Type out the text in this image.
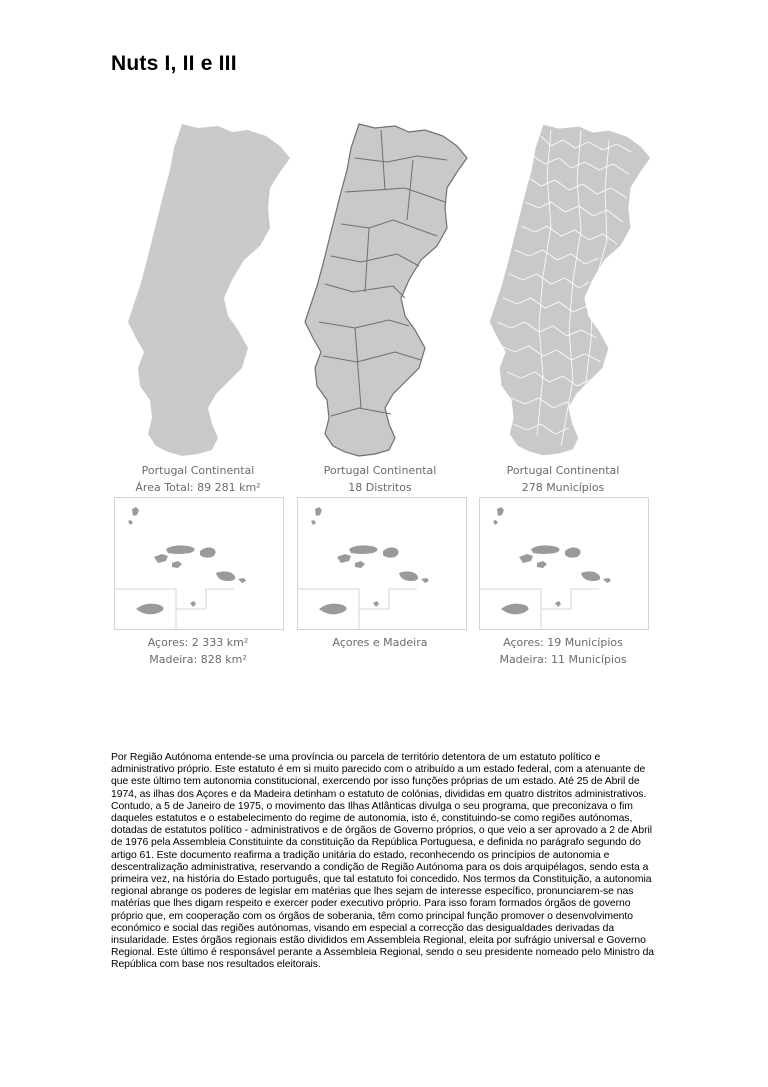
Nuts I, II e III
Portugal Continental
Área Total: 89 281 km²
Portugal Continental
18 Distritos
Portugal Continental
278 Municípios
Açores: 2 333 km²
Madeira: 828 km²
Açores e Madeira	Açores: 19 Municípios
Madeira: 11 Municípios

Por Região Autónoma entende-se uma província ou parcela de território detentora de um estatuto político e administrativo próprio. Este estatuto é em si muito parecido com o atribuído a um estado federal, com a atenuante de que este último tem autonomia constitucional, exercendo por isso funções próprias de um estado. Até 25 de Abril de 1974, as ilhas dos Açores e da Madeira detinham o estatuto de colónias, divididas em quatro distritos administrativos. Contudo, a 5 de Janeiro de 1975, o movimento das Ilhas Atlânticas divulga o seu programa, que preconizava o fim daqueles estatutos e o estabelecimento do regime de autonomia, isto é, constituindo-se como regiões autónomas, dotadas de estatutos político - administrativos e de órgãos de Governo próprios, o que veio a ser aprovado a 2 de Abril de 1976 pela Assembleia Constituinte da constituição da República Portuguesa, e definida no parágrafo segundo do artigo 61. Este documento reafirma a tradição unitária do estado, reconhecendo os princípios de autonomia e descentralização administrativa, reservando a condição de Região Autónoma para os dois arquipélagos, sendo esta a primeira vez, na história do Estado português, que tal estatuto foi concedido. Nos termos da Constituição, a autonomia regional abrange os poderes de legislar em matérias que lhes sejam de interesse específico, pronunciarem-se nas matérias que lhes digam respeito e exercer poder executivo próprio. Para isso foram formados órgãos de governo próprio que, em cooperação com os órgãos de soberania, têm como principal função promover o desenvolvimento económico e social das regiões autónomas, visando em especial a correcção das desigualdades derivadas da insularidade. Estes órgãos regionais estão divididos em Assembleia Regional, eleita por sufrágio universal e Governo Regional. Este último é responsável perante a Assembleia Regional, sendo o seu presidente nomeado pelo Ministro da República com base nos resultados eleitorais.
